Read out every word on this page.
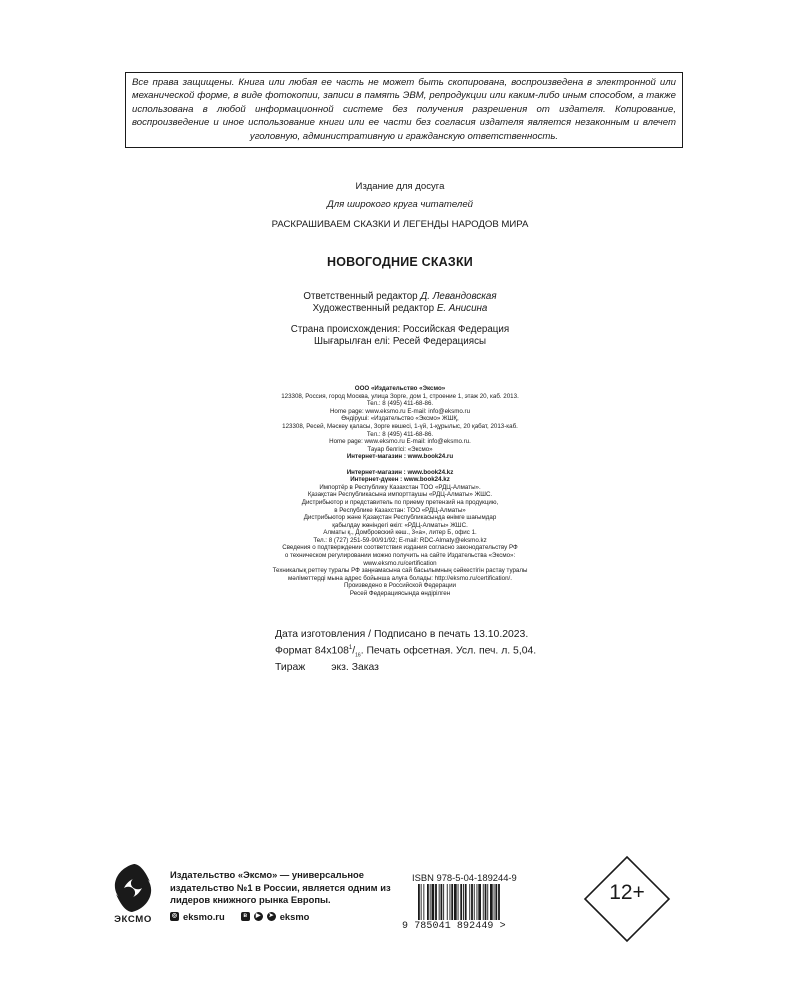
Все права защищены. Книга или любая ее часть не может быть скопирована, воспроизведена в электронной или механической форме, в виде фотокопии, записи в память ЭВМ, репродукции или каким-либо иным способом, а также использована в любой информационной системе без получения разрешения от издателя. Копирование, воспроизведение и иное использование книги или ее части без согласия издателя является незаконным и влечет уголовную, административную и гражданскую ответственность.
Издание для досуга
Для широкого круга читателей
РАСКРАШИВАЕМ СКАЗКИ И ЛЕГЕНДЫ НАРОДОВ МИРА
НОВОГОДНИЕ СКАЗКИ
Ответственный редактор Д. Левандовская
Художественный редактор Е. Анисина
Страна происхождения: Российская Федерация
Шығарылған елі: Ресей Федерациясы
ООО «Издательство «Эксмо»
123308, Россия, город Москва, улица Зорге, дом 1, строение 1, этаж 20, каб. 2013.
Тел.: 8 (495) 411-68-86.
Home page: www.eksmo.ru E-mail: info@eksmo.ru
Өндіруші: «Издательство «Эксмо» ЖШҚ,
123308, Ресей, Мәскеу қаласы, Зорге көшесі, 1-үй, 1-құрылыс, 20 қабат, 2013-каб.
Тел.: 8 (495) 411-68-86.
Home page: www.eksmo.ru E-mail: info@eksmo.ru.
Тауар белгісі: «Эксмо»
Интернет-магазин : www.book24.ru

Интернет-магазин : www.book24.kz
Интернет-дүкен : www.book24.kz
Импортёр в Республику Казахстан ТОО «РДЦ-Алматы».
Қазақстан Республикасына импорттаушы «РДЦ-Алматы» ЖШС.
Дистрибьютор и представитель по приему претензий на продукцию,
в Республике Казахстан: ТОО «РДЦ-Алматы»
Дистрибьютор және Қазақстан Республикасында өнімге шағымдар
қабылдау жөніндегі өкіл: «РДЦ-Алматы» ЖШС.
Алматы қ., Домбровский көш., 3«а», литер Б, офис 1.
Тел.: 8 (727) 251-59-90/91/92; E-mail: RDC-Almaty@eksmo.kz
Сведения о подтверждении соответствия издания согласно законодательству РФ
о техническом регулировании можно получить на сайте Издательства «Эксмо»:
www.eksmo.ru/certification
Техникалық реттеу туралы РФ заңнамасына сай басылымның сәйкестігін растау туралы
мәліметтерді мына адрес бойынша алуға болады: http://eksmo.ru/certification/.
Произведено в Российской Федерации
Ресей Федерациясында өндірілген
Дата изготовления / Подписано в печать 13.10.2023.
Формат $84x108^1/_{16}$. Печать офсетная. Усл. печ. л. 5,04.
Тираж экз. Заказ
ЭКСМО
Издательство «Эксмо» — универсальное издательство №1 в России, является одним из лидеров книжного рынка Европы.
◎ eksmo.ru	в	▶	➤ eksmo
ISBN 978-5-04-189244-9
9 785041 892449 >
12+
